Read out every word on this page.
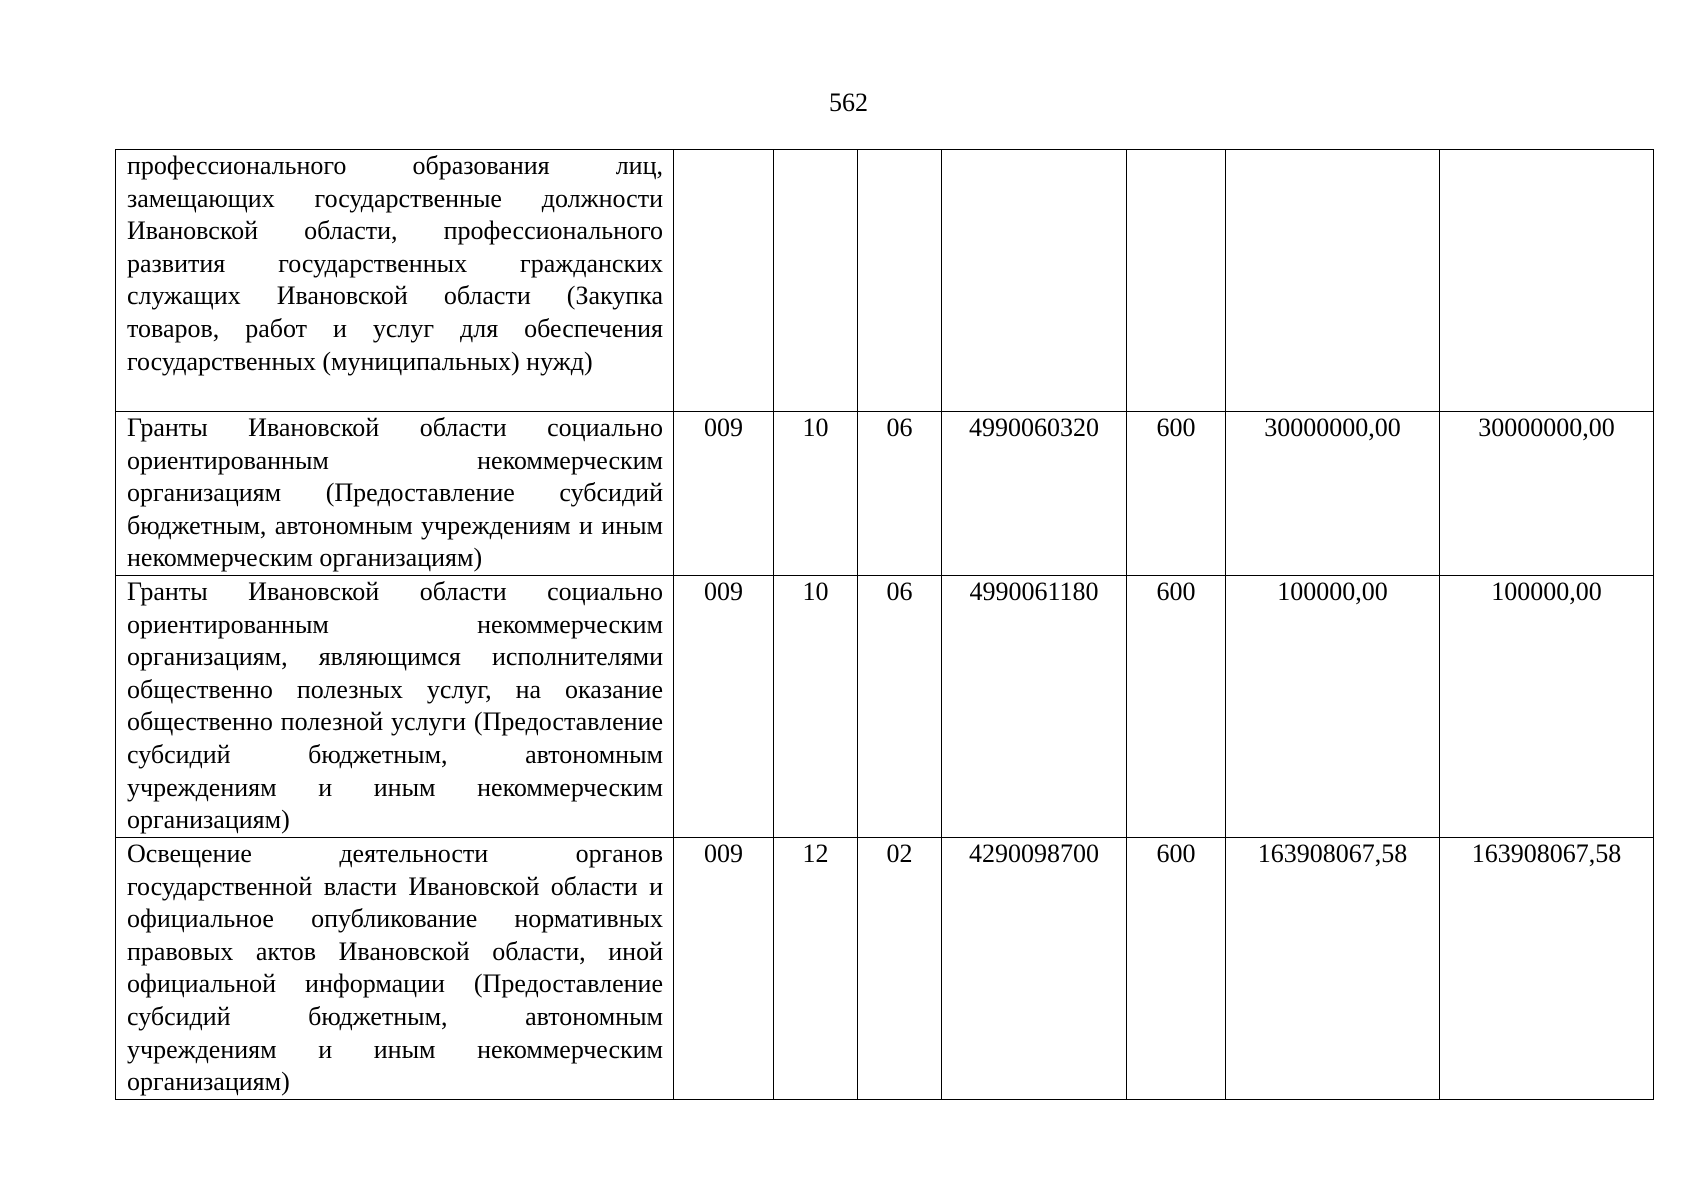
562
профессионального образования лиц, замещающих государственные должности Ивановской области, профессионального развития государственных гражданских служащих Ивановской области (Закупка товаров, работ и услуг для обеспечения государственных (муниципальных) нужд)							
Гранты Ивановской области социально ориентированным некоммерческим организациям (Предоставление субсидий бюджетным, автономным учреждениям и иным некоммерческим организациям)	009	10	06	4990060320	600	30000000,00	30000000,00
Гранты Ивановской области социально ориентированным некоммерческим организациям, являющимся исполнителями общественно полезных услуг, на оказание общественно полезной услуги (Предоставление субсидий бюджетным, автономным учреждениям и иным некоммерческим организациям)	009	10	06	4990061180	600	100000,00	100000,00
Освещение деятельности органов государственной власти Ивановской области и официальное опубликование нормативных правовых актов Ивановской области, иной официальной информации (Предоставление субсидий бюджетным, автономным учреждениям и иным некоммерческим организациям)	009	12	02	4290098700	600	163908067,58	163908067,58
